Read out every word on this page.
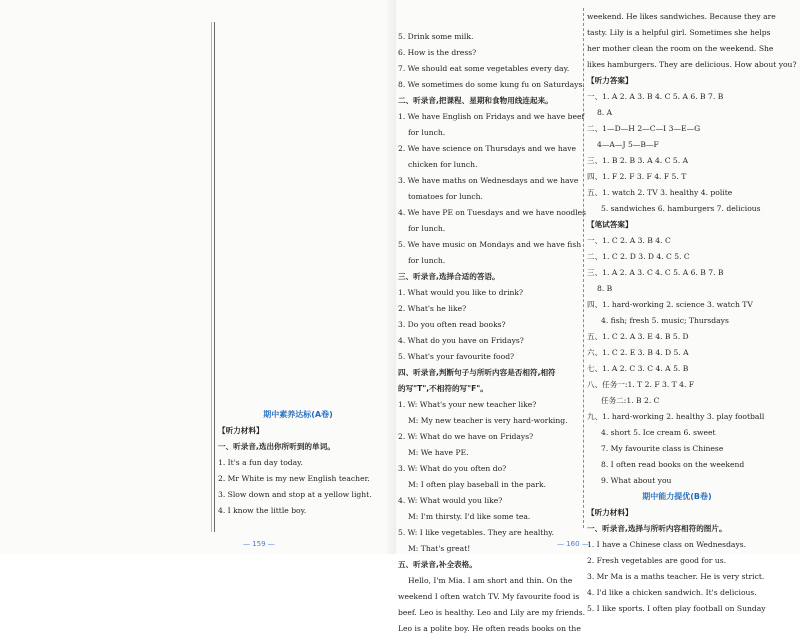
期中素养达标(A卷)

【听力材料】

一、听录音,选出你所听到的单词。

1. It's a fun day today.

2. Mr White is my new English teacher.

3. Slow down and stop at a yellow light.

4. I know the little boy.

5. Drink some milk.

6. How is the dress?

7. We should eat some vegetables every day.

8. We sometimes do some kung fu on Saturdays.

二、听录音,把课程、星期和食物用线连起来。

1. We have English on Fridays and we have beef

for lunch.

2. We have science on Thursdays and we have

chicken for lunch.

3. We have maths on Wednesdays and we have

tomatoes for lunch.

4. We have PE on Tuesdays and we have noodles

for lunch.

5. We have music on Mondays and we have fish

for lunch.

三、听录音,选择合适的答语。

1. What would you like to drink?

2. What's he like?

3. Do you often read books?

4. What do you have on Fridays?

5. What's your favourite food?

四、听录音,判断句子与所听内容是否相符,相符

的写"T",不相符的写"F"。

1. W: What's your new teacher like?

M: My new teacher is very hard-working.

2. W: What do we have on Fridays?

M: We have PE.

3. W: What do you often do?

M: I often play baseball in the park.

4. W: What would you like?

M: I'm thirsty. I'd like some tea.

5. W: I like vegetables. They are healthy.

M: That's great!

五、听录音,补全表格。

Hello, I'm Mia. I am short and thin. On the

weekend I often watch TV. My favourite food is

beef. Leo is healthy. Leo and Lily are my friends.

Leo is a polite boy. He often reads books on the

weekend. He likes sandwiches. Because they are

tasty. Lily is a helpful girl. Sometimes she helps

her mother clean the room on the weekend. She

likes hamburgers. They are delicious. How about you?

【听力答案】

一、1. A 2. A 3. B 4. C 5. A 6. B 7. B

8. A

二、1—D—H 2—C—I 3—E—G

4—A—J 5—B—F

三、1. B 2. B 3. A 4. C 5. A

四、1. F 2. F 3. F 4. F 5. T

五、1. watch 2. TV 3. healthy 4. polite

5. sandwiches 6. hamburgers 7. delicious

【笔试答案】

一、1. C 2. A 3. B 4. C

二、1. C 2. D 3. D 4. C 5. C

三、1. A 2. A 3. C 4. C 5. A 6. B 7. B

8. B

四、1. hard-working 2. science 3. watch TV

4. fish; fresh 5. music; Thursdays

五、1. C 2. A 3. E 4. B 5. D

六、1. C 2. E 3. B 4. D 5. A

七、1. A 2. C 3. C 4. A 5. B

八、任务一:1. T 2. F 3. T 4. F

任务二:1. B 2. C

九、1. hard-working 2. healthy 3. play football

4. short 5. Ice cream 6. sweet

7. My favourite class is Chinese

8. I often read books on the weekend

9. What about you

期中能力提优(B卷)

【听力材料】

一、听录音,选择与所听内容相符的图片。

1. I have a Chinese class on Wednesdays.

2. Fresh vegetables are good for us.

3. Mr Ma is a maths teacher. He is very strict.

4. I'd like a chicken sandwich. It's delicious.

5. I like sports. I often play football on Sunday

— 159 —	— 160 —
